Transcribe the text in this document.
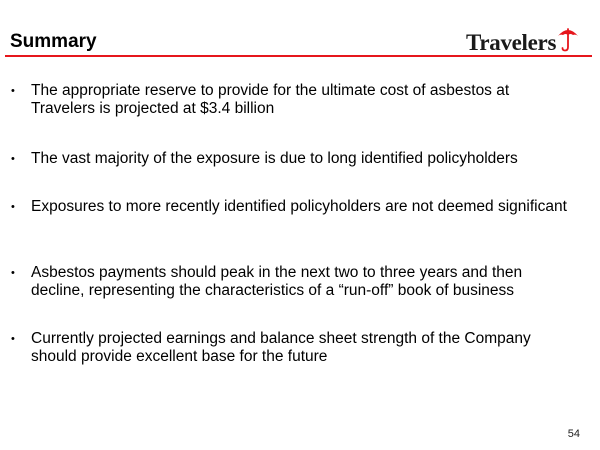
Summary	Travelers
•	The appropriate reserve to provide for the ultimate cost of asbestos at Travelers is projected at $3.4 billion
•	The vast majority of the exposure is due to long identified policyholders
•	Exposures to more recently identified policyholders are not deemed significant
•	Asbestos payments should peak in the next two to three years and then decline, representing the characteristics of a “run-off” book of business
•	Currently projected earnings and balance sheet strength of the Company should provide excellent base for the future
54
